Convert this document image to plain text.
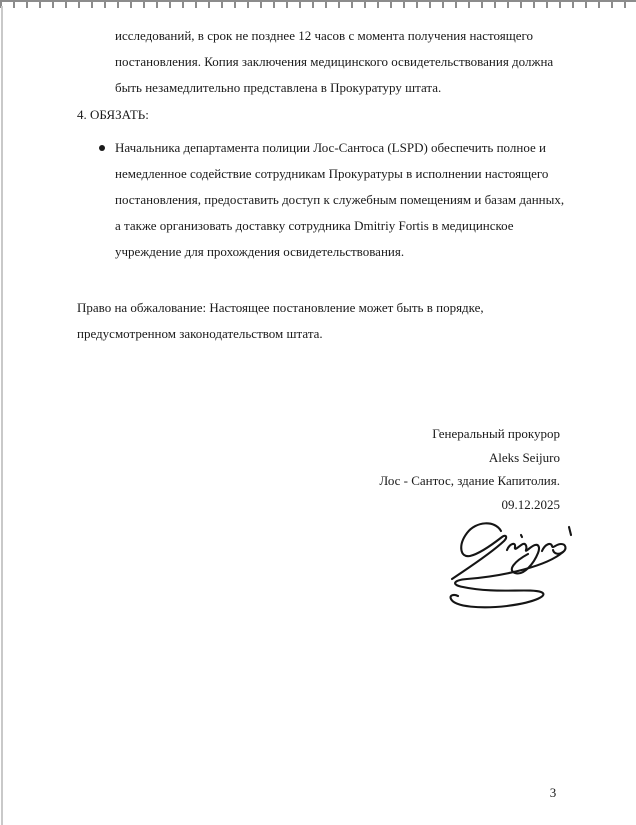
исследований, в срок не позднее 12 часов с момента получения настоящего постановления. Копия заключения медицинского освидетельствования должна быть незамедлительно представлена в Прокуратуру штата.
4. ОБЯЗАТЬ:
Начальника департамента полиции Лос-Сантоса (LSPD) обеспечить полное и немедленное содействие сотрудникам Прокуратуры в исполнении настоящего постановления, предоставить доступ к служебным помещениям и базам данных, а также организовать доставку сотрудника Dmitriy Fortis в медицинское учреждение для прохождения освидетельствования.
Право на обжалование: Настоящее постановление может быть в порядке, предусмотренном законодательством штата.
Генеральный прокурор
Aleks Seijuro
Лос - Сантос, здание Капитолия.
09.12.2025
3
